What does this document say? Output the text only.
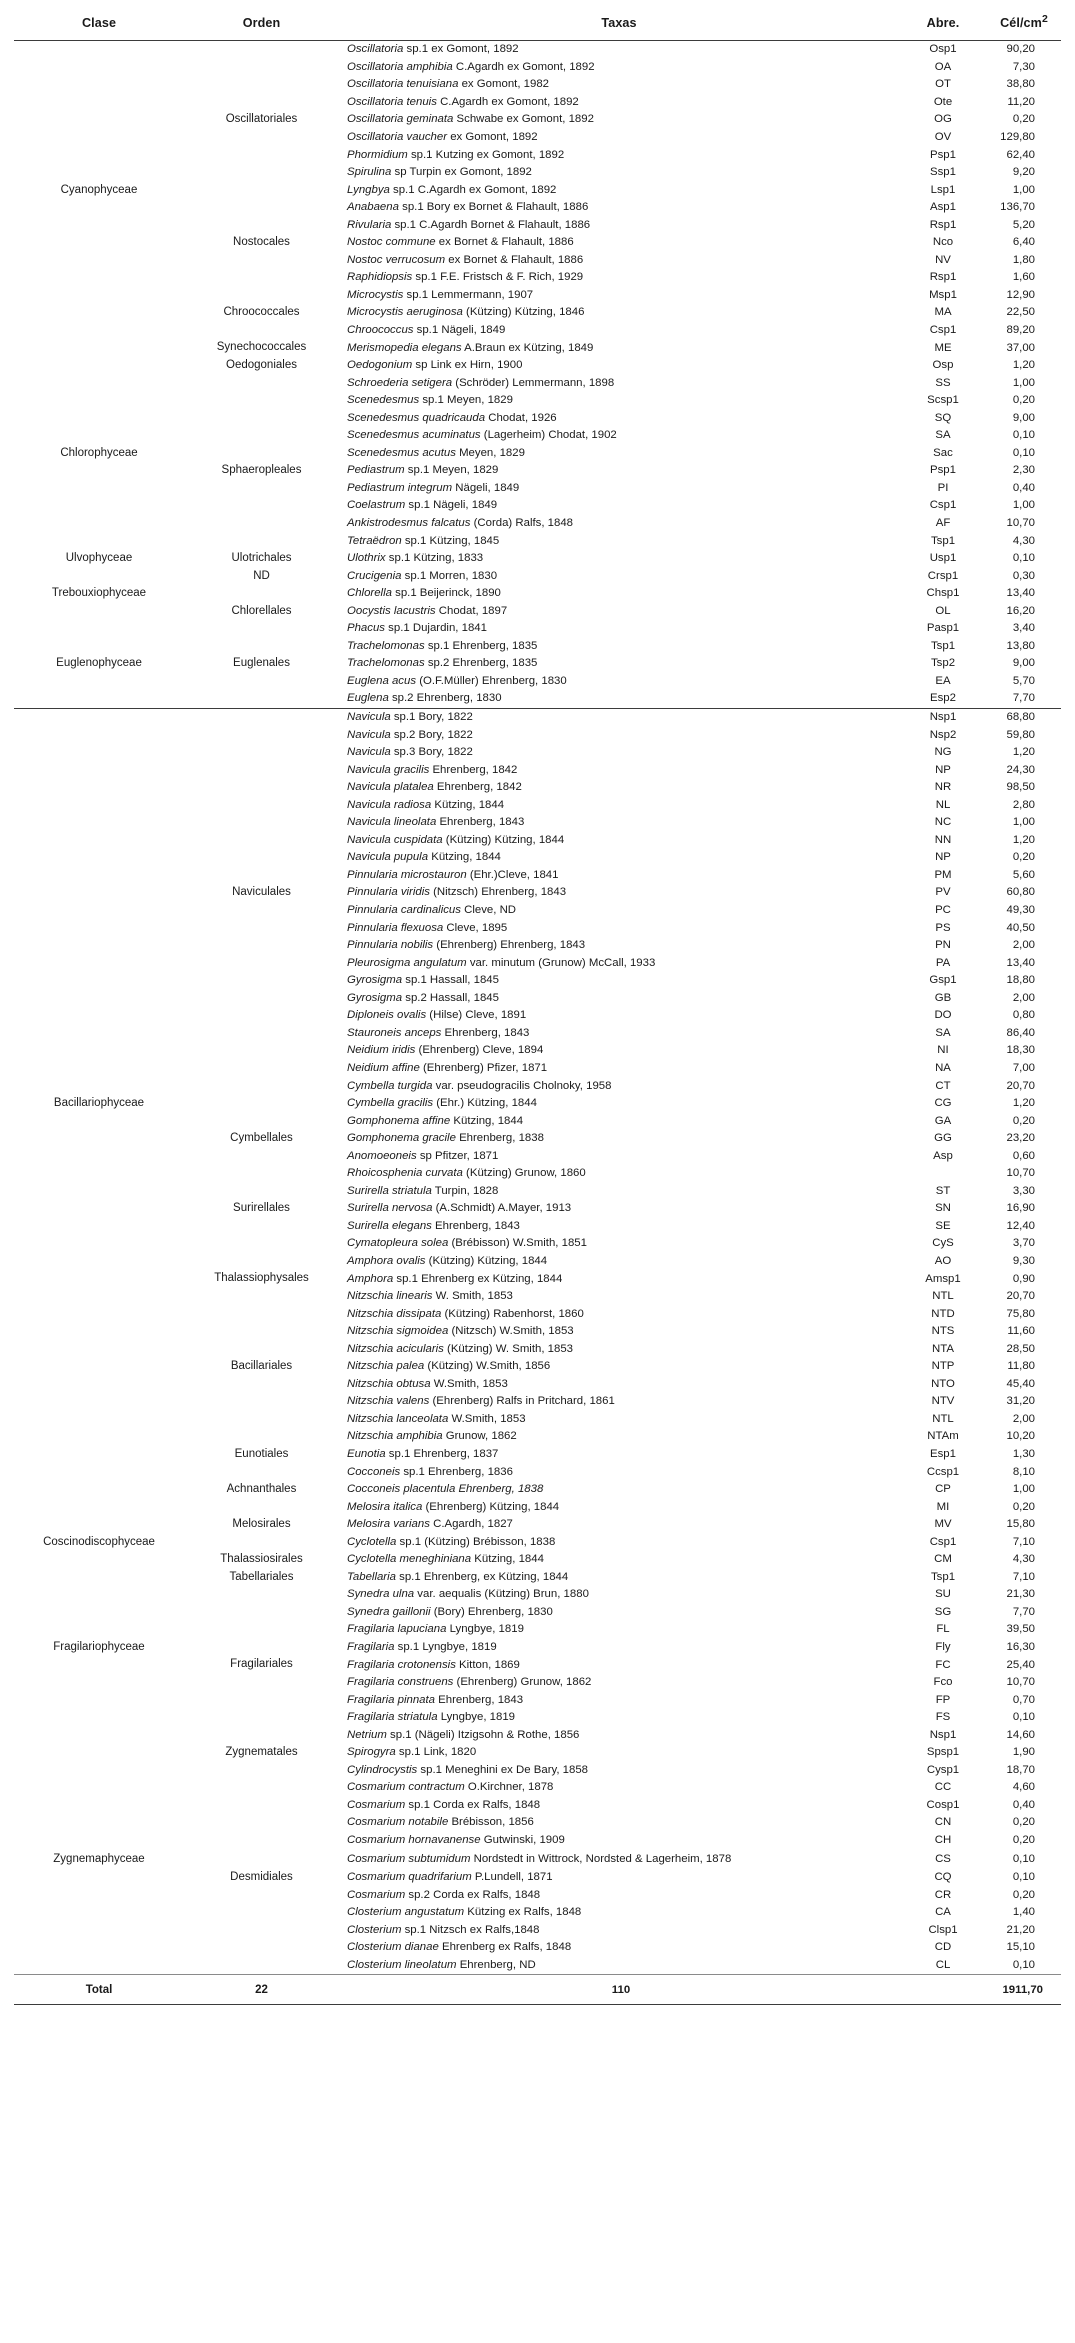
Clase	Orden	Taxas	Abre.	Cél/$cm^2$

		Oscillatoria sp.1 ex Gomont, 1892	Osp1	90,20
		Oscillatoria amphibia C.Agardh ex Gomont, 1892	OA	7,30
		Oscillatoria tenuisiana ex Gomont, 1982	OT	38,80
		Oscillatoria tenuis C.Agardh ex Gomont, 1892	Ote	11,20
	Oscillatoriales	Oscillatoria geminata Schwabe ex Gomont, 1892	OG	0,20
		Oscillatoria vaucher ex Gomont, 1892	OV	129,80
		Phormidium sp.1 Kutzing ex Gomont, 1892	Psp1	62,40
		Spirulina sp Turpin ex Gomont, 1892	Ssp1	9,20
Cyanophyceae		Lyngbya sp.1 C.Agardh ex Gomont, 1892	Lsp1	1,00
		Anabaena sp.1 Bory ex Bornet & Flahault, 1886	Asp1	136,70
		Rivularia sp.1 C.Agardh Bornet & Flahault, 1886	Rsp1	5,20
	Nostocales	Nostoc commune ex Bornet & Flahault, 1886	Nco	6,40
		Nostoc verrucosum ex Bornet & Flahault, 1886	NV	1,80
		Raphidiopsis sp.1 F.E. Fristsch & F. Rich, 1929	Rsp1	1,60
		Microcystis sp.1 Lemmermann, 1907	Msp1	12,90
	Chroococcales	Microcystis aeruginosa (Kützing) Kützing, 1846	MA	22,50
		Chroococcus sp.1 Nägeli, 1849	Csp1	89,20
	Synechococcales	Merismopedia elegans A.Braun ex Kützing, 1849	ME	37,00
	Oedogoniales	Oedogonium sp Link ex Hirn, 1900	Osp	1,20
		Schroederia setigera (Schröder) Lemmermann, 1898	SS	1,00
		Scenedesmus sp.1 Meyen, 1829	Scsp1	0,20
		Scenedesmus quadricauda Chodat, 1926	SQ	9,00
		Scenedesmus acuminatus (Lagerheim) Chodat, 1902	SA	0,10
Chlorophyceae		Scenedesmus acutus Meyen, 1829	Sac	0,10
	Sphaeropleales	Pediastrum sp.1 Meyen, 1829	Psp1	2,30
		Pediastrum integrum Nägeli, 1849	PI	0,40
		Coelastrum sp.1 Nägeli, 1849	Csp1	1,00
		Ankistrodesmus falcatus (Corda) Ralfs, 1848	AF	10,70
		Tetraëdron sp.1 Kützing, 1845	Tsp1	4,30
Ulvophyceae	Ulotrichales	Ulothrix sp.1 Kützing, 1833	Usp1	0,10
	ND	Crucigenia sp.1 Morren, 1830	Crsp1	0,30
Trebouxiophyceae		Chlorella sp.1 Beijerinck, 1890	Chsp1	13,40
	Chlorellales	Oocystis lacustris Chodat, 1897	OL	16,20
		Phacus sp.1 Dujardin, 1841	Pasp1	3,40
		Trachelomonas sp.1 Ehrenberg, 1835	Tsp1	13,80
Euglenophyceae	Euglenales	Trachelomonas sp.2 Ehrenberg, 1835	Tsp2	9,00
		Euglena acus (O.F.Müller) Ehrenberg, 1830	EA	5,70
		Euglena sp.2 Ehrenberg, 1830	Esp2	7,70

		Navicula sp.1 Bory, 1822	Nsp1	68,80
		Navicula sp.2 Bory, 1822	Nsp2	59,80
		Navicula sp.3 Bory, 1822	NG	1,20
		Navicula gracilis Ehrenberg, 1842	NP	24,30
		Navicula platalea Ehrenberg, 1842	NR	98,50
		Navicula radiosa Kützing, 1844	NL	2,80
		Navicula lineolata Ehrenberg, 1843	NC	1,00
		Navicula cuspidata (Kützing) Kützing, 1844	NN	1,20
		Navicula pupula Kützing, 1844	NP	0,20
		Pinnularia microstauron (Ehr.)Cleve, 1841	PM	5,60
	Naviculales	Pinnularia viridis (Nitzsch) Ehrenberg, 1843	PV	60,80
		Pinnularia cardinalicus Cleve, ND	PC	49,30
		Pinnularia flexuosa Cleve, 1895	PS	40,50
		Pinnularia nobilis (Ehrenberg) Ehrenberg, 1843	PN	2,00
		Pleurosigma angulatum var. minutum (Grunow) McCall, 1933	PA	13,40
		Gyrosigma sp.1 Hassall, 1845	Gsp1	18,80
		Gyrosigma sp.2 Hassall, 1845	GB	2,00
		Diploneis ovalis (Hilse) Cleve, 1891	DO	0,80
		Stauroneis anceps Ehrenberg, 1843	SA	86,40
		Neidium iridis (Ehrenberg) Cleve, 1894	NI	18,30
		Neidium affine (Ehrenberg) Pfizer, 1871	NA	7,00
		Cymbella turgida var. pseudogracilis Cholnoky, 1958	CT	20,70
Bacillariophyceae		Cymbella gracilis (Ehr.) Kützing, 1844	CG	1,20
		Gomphonema affine Kützing, 1844	GA	0,20
	Cymbellales	Gomphonema gracile Ehrenberg, 1838	GG	23,20
		Anomoeoneis sp Pfitzer, 1871	Asp	0,60
		Rhoicosphenia curvata (Kützing) Grunow, 1860		10,70
		Surirella striatula Turpin, 1828	ST	3,30
	Surirellales	Surirella nervosa (A.Schmidt) A.Mayer, 1913	SN	16,90
		Surirella elegans Ehrenberg, 1843	SE	12,40
		Cymatopleura solea (Brébisson) W.Smith, 1851	CyS	3,70
		Amphora ovalis (Kützing) Kützing, 1844	AO	9,30
	Thalassiophysales	Amphora sp.1 Ehrenberg ex Kützing, 1844	Amsp1	0,90
		Nitzschia linearis W. Smith, 1853	NTL	20,70
		Nitzschia dissipata (Kützing) Rabenhorst, 1860	NTD	75,80
		Nitzschia sigmoidea (Nitzsch) W.Smith, 1853	NTS	11,60
		Nitzschia acicularis (Kützing) W. Smith, 1853	NTA	28,50
	Bacillariales	Nitzschia palea (Kützing) W.Smith, 1856	NTP	11,80
		Nitzschia obtusa W.Smith, 1853	NTO	45,40
		Nitzschia valens (Ehrenberg) Ralfs in Pritchard, 1861	NTV	31,20
		Nitzschia lanceolata W.Smith, 1853	NTL	2,00
		Nitzschia amphibia Grunow, 1862	NTAm	10,20
	Eunotiales	Eunotia sp.1 Ehrenberg, 1837	Esp1	1,30
		Cocconeis sp.1 Ehrenberg, 1836	Ccsp1	8,10
	Achnanthales	Cocconeis placentula Ehrenberg, 1838	CP	1,00
		Melosira italica (Ehrenberg) Kützing, 1844	MI	0,20
	Melosirales	Melosira varians C.Agardh, 1827	MV	15,80
Coscinodiscophyceae		Cyclotella sp.1 (Kützing) Brébisson, 1838	Csp1	7,10
	Thalassiosirales	Cyclotella meneghiniana Kützing, 1844	CM	4,30
	Tabellariales	Tabellaria sp.1 Ehrenberg, ex Kützing, 1844	Tsp1	7,10
		Synedra ulna var. aequalis (Kützing) Brun, 1880	SU	21,30
		Synedra gaillonii (Bory) Ehrenberg, 1830	SG	7,70
		Fragilaria lapuciana Lyngbye, 1819	FL	39,50
Fragilariophyceae		Fragilaria sp.1 Lyngbye, 1819	Fly	16,30
	Fragilariales	Fragilaria crotonensis Kitton, 1869	FC	25,40
		Fragilaria construens (Ehrenberg) Grunow, 1862	Fco	10,70
		Fragilaria pinnata Ehrenberg, 1843	FP	0,70
		Fragilaria striatula Lyngbye, 1819	FS	0,10
		Netrium sp.1 (Nägeli) Itzigsohn & Rothe, 1856	Nsp1	14,60
	Zygnematales	Spirogyra sp.1 Link, 1820	Spsp1	1,90
		Cylindrocystis sp.1 Meneghini ex De Bary, 1858	Cysp1	18,70
		Cosmarium contractum O.Kirchner, 1878	CC	4,60
		Cosmarium sp.1 Corda ex Ralfs, 1848	Cosp1	0,40
		Cosmarium notabile Brébisson, 1856	CN	0,20
		Cosmarium hornavanense Gutwinski, 1909	CH	0,20
Zygnemaphyceae		Cosmarium subtumidum Nordstedt in Wittrock, Nordsted & Lagerheim, 1878	CS	0,10
	Desmidiales	Cosmarium quadrifarium P.Lundell, 1871	CQ	0,10
		Cosmarium sp.2 Corda ex Ralfs, 1848	CR	0,20
		Closterium angustatum Kützing ex Ralfs, 1848	CA	1,40
		Closterium sp.1 Nitzsch ex Ralfs,1848	Clsp1	21,20
		Closterium dianae Ehrenberg ex Ralfs, 1848	CD	15,10
		Closterium lineolatum Ehrenberg, ND	CL	0,10

Total	22	110		1911,70
